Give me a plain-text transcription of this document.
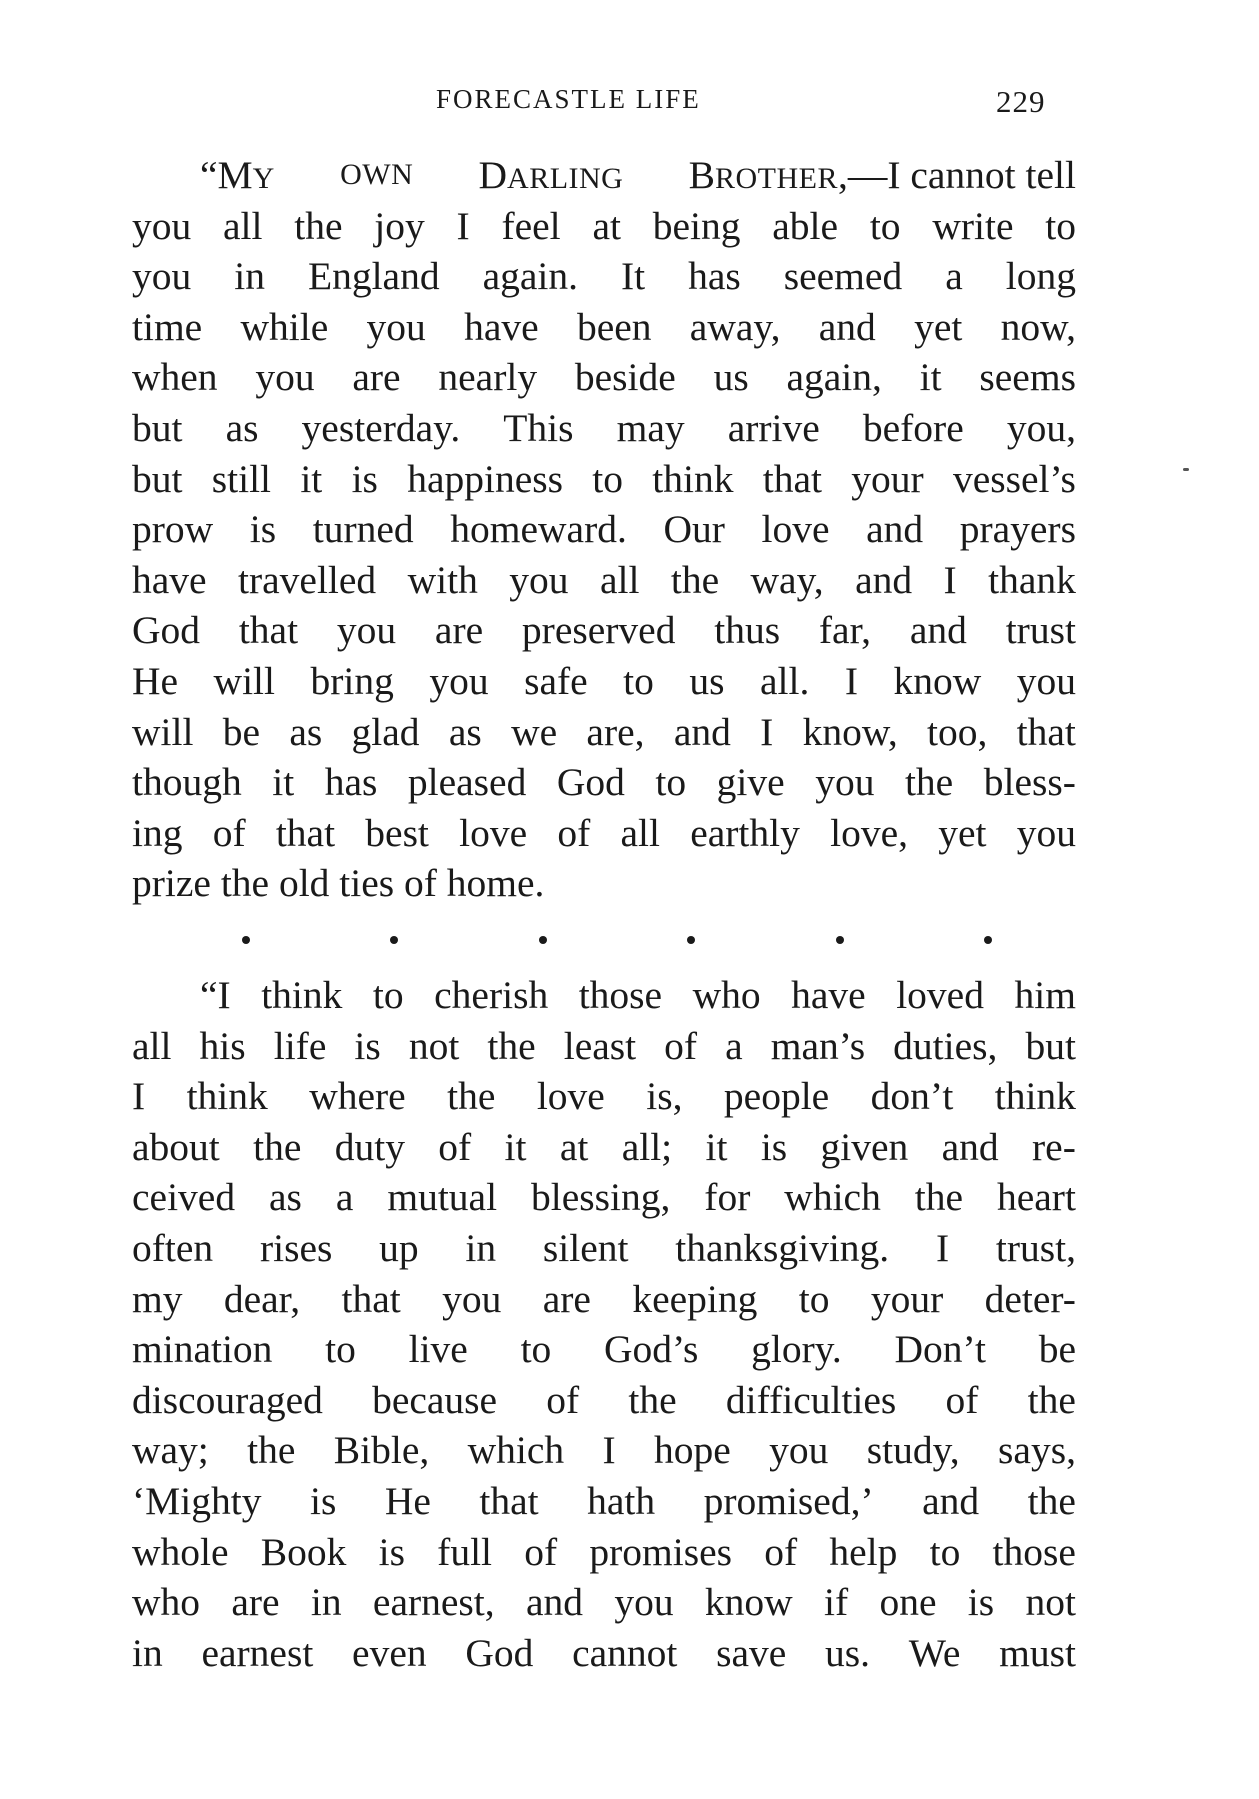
FORECASTLE LIFE	229
“MY OWN DARLING BROTHER,—I cannot tell
you all the joy I feel at being able to write to
you in England again. It has seemed a long
time while you have been away, and yet now,
when you are nearly beside us again, it seems
but as yesterday. This may arrive before you,
but still it is happiness to think that your vessel’s
prow is turned homeward. Our love and prayers
have travelled with you all the way, and I thank
God that you are preserved thus far, and trust
He will bring you safe to us all. I know you
will be as glad as we are, and I know, too, that
though it has pleased God to give you the bless-
ing of that best love of all earthly love, yet you
prize the old ties of home.
“I think to cherish those who have loved him
all his life is not the least of a man’s duties, but
I think where the love is, people don’t think
about the duty of it at all; it is given and re-
ceived as a mutual blessing, for which the heart
often rises up in silent thanksgiving. I trust,
my dear, that you are keeping to your deter-
mination to live to God’s glory. Don’t be
discouraged because of the difficulties of the
way; the Bible, which I hope you study, says,
‘Mighty is He that hath promised,’ and the
whole Book is full of promises of help to those
who are in earnest, and you know if one is not
in earnest even God cannot save us. We must
